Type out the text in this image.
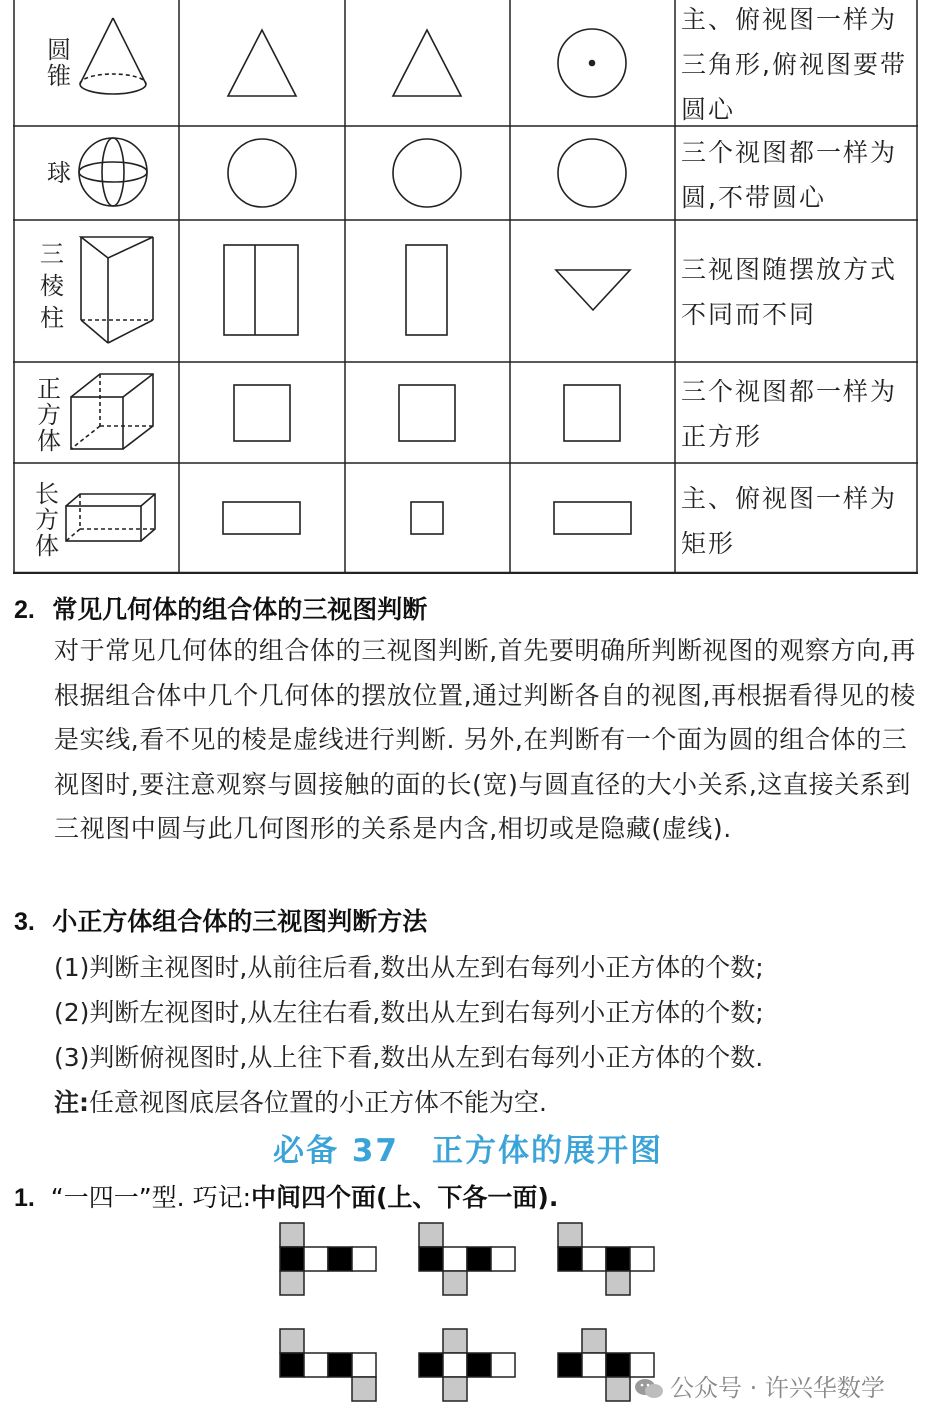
圆
锥
球
三
棱
柱
正
方
体
长
方
体
主、俯视图一样为三角形,俯视图要带圆心
三个视图都一样为圆,不带圆心
三视图随摆放方式不同而不同
三个视图都一样为正方形
主、俯视图一样为矩形
2. 常见几何体的组合体的三视图判断
对于常见几何体的组合体的三视图判断,首先要明确所判断视图的观察方向,再根据组合体中几个几何体的摆放位置,通过判断各自的视图,再根据看得见的棱是实线,看不见的棱是虚线进行判断. 另外,在判断有一个面为圆的组合体的三视图时,要注意观察与圆接触的面的长(宽)与圆直径的大小关系,这直接关系到三视图中圆与此几何图形的关系是内含,相切或是隐藏(虚线).
3. 小正方体组合体的三视图判断方法
(1)判断主视图时,从前往后看,数出从左到右每列小正方体的个数;
(2)判断左视图时,从左往右看,数出从左到右每列小正方体的个数;
(3)判断俯视图时,从上往下看,数出从左到右每列小正方体的个数.
注:任意视图底层各位置的小正方体不能为空.
必备 37　正方体的展开图
1. “一四一”型. 巧记:中间四个面(上、下各一面).
公众号 · 许兴华数学
